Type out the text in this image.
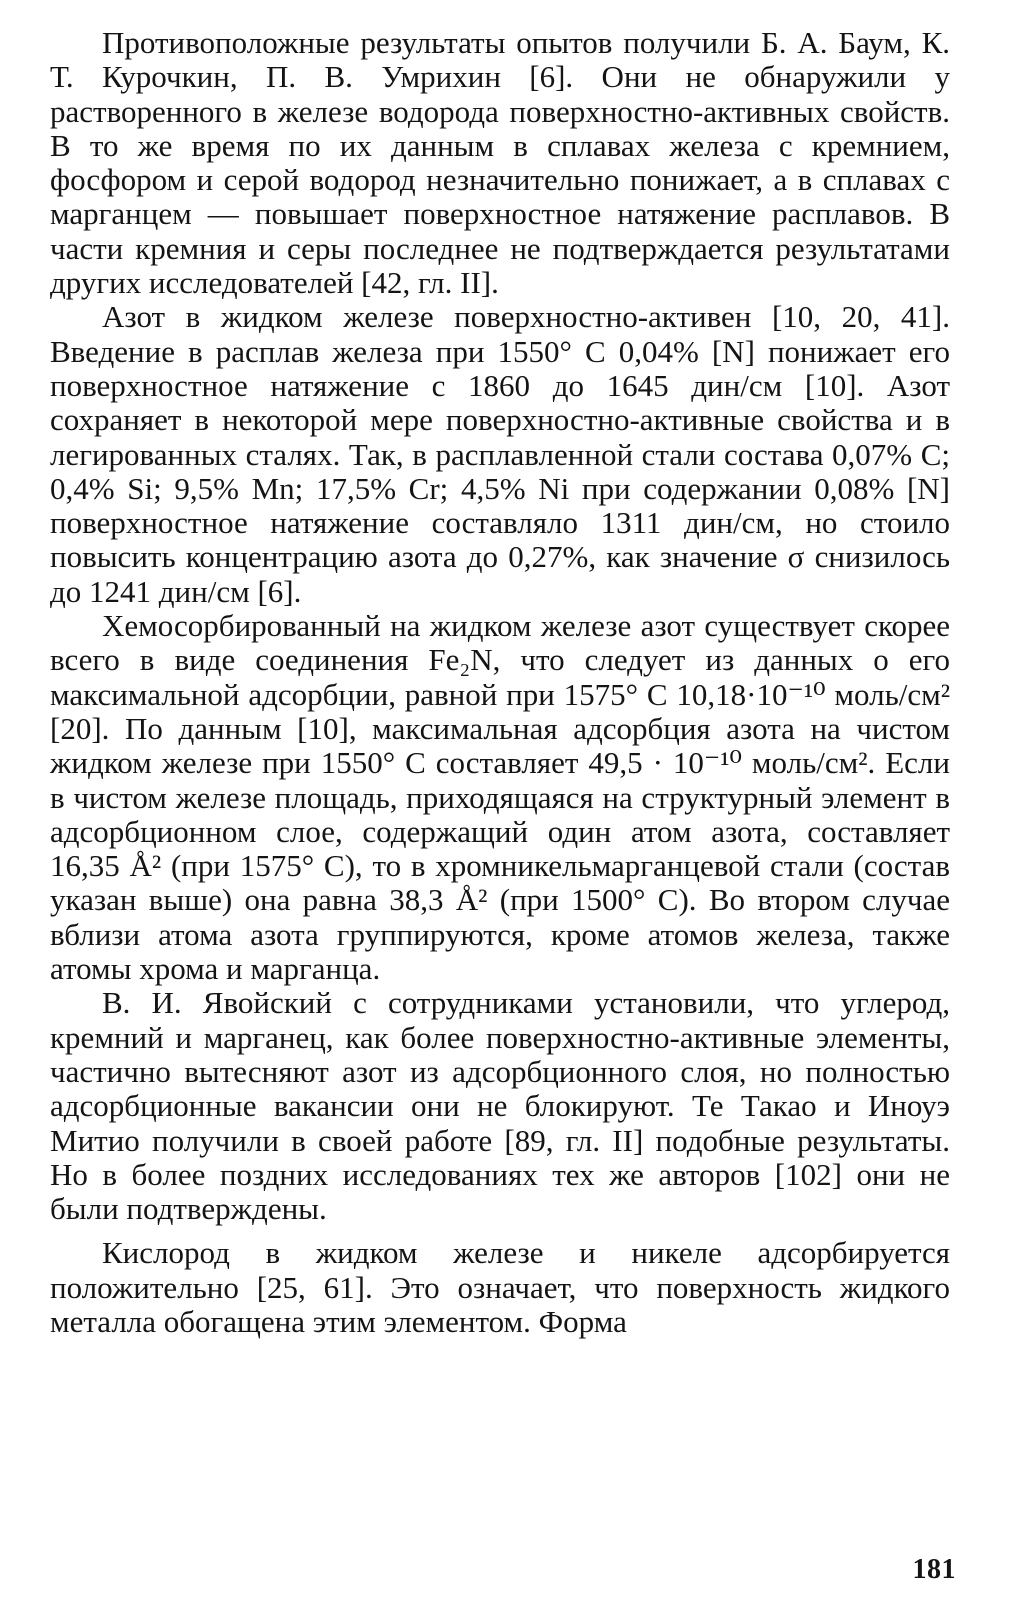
Противоположные результаты опытов получили Б. А. Баум, К. Т. Курочкин, П. В. Умрихин [6]. Они не обнаружили у растворенного в железе водорода поверхностно-активных свойств. В то же время по их данным в сплавах железа с кремнием, фосфором и серой водород незначительно понижает, а в сплавах с марганцем — повышает поверхностное натяжение расплавов. В части кремния и серы последнее не подтверждается результатами других исследователей [42, гл. II].

Азот в жидком железе поверхностно-активен [10, 20, 41]. Введение в расплав железа при 1550° С 0,04% [N] понижает его поверхностное натяжение с 1860 до 1645 дин/см [10]. Азот сохраняет в некоторой мере поверхностно-активные свойства и в легированных сталях. Так, в расплавленной стали состава 0,07% С; 0,4% Si; 9,5% Mn; 17,5% Cr; 4,5% Ni при содержании 0,08% [N] поверхностное натяжение составляло 1311 дин/см, но стоило повысить концентрацию азота до 0,27%, как значение σ снизилось до 1241 дин/см [6].

Хемосорбированный на жидком железе азот существует скорее всего в виде соединения Fe₂N, что следует из данных о его максимальной адсорбции, равной при 1575° С 10,18·10⁻¹⁰ моль/см² [20]. По данным [10], максимальная адсорбция азота на чистом жидком железе при 1550° С составляет 49,5 · 10⁻¹⁰ моль/см². Если в чистом железе площадь, приходящаяся на структурный элемент в адсорбционном слое, содержащий один атом азота, составляет 16,35 Å² (при 1575° С), то в хромникельмарганцевой стали (состав указан выше) она равна 38,3 Å² (при 1500° С). Во втором случае вблизи атома азота группируются, кроме атомов железа, также атомы хрома и марганца.

В. И. Явойский с сотрудниками установили, что углерод, кремний и марганец, как более поверхностно-активные элементы, частично вытесняют азот из адсорбционного слоя, но полностью адсорбционные вакансии они не блокируют. Те Такао и Иноуэ Митио получили в своей работе [89, гл. II] подобные результаты. Но в более поздних исследованиях тех же авторов [102] они не были подтверждены.

Кислород в жидком железе и никеле адсорбируется положительно [25, 61]. Это означает, что поверхность жидкого металла обогащена этим элементом. Форма

181
